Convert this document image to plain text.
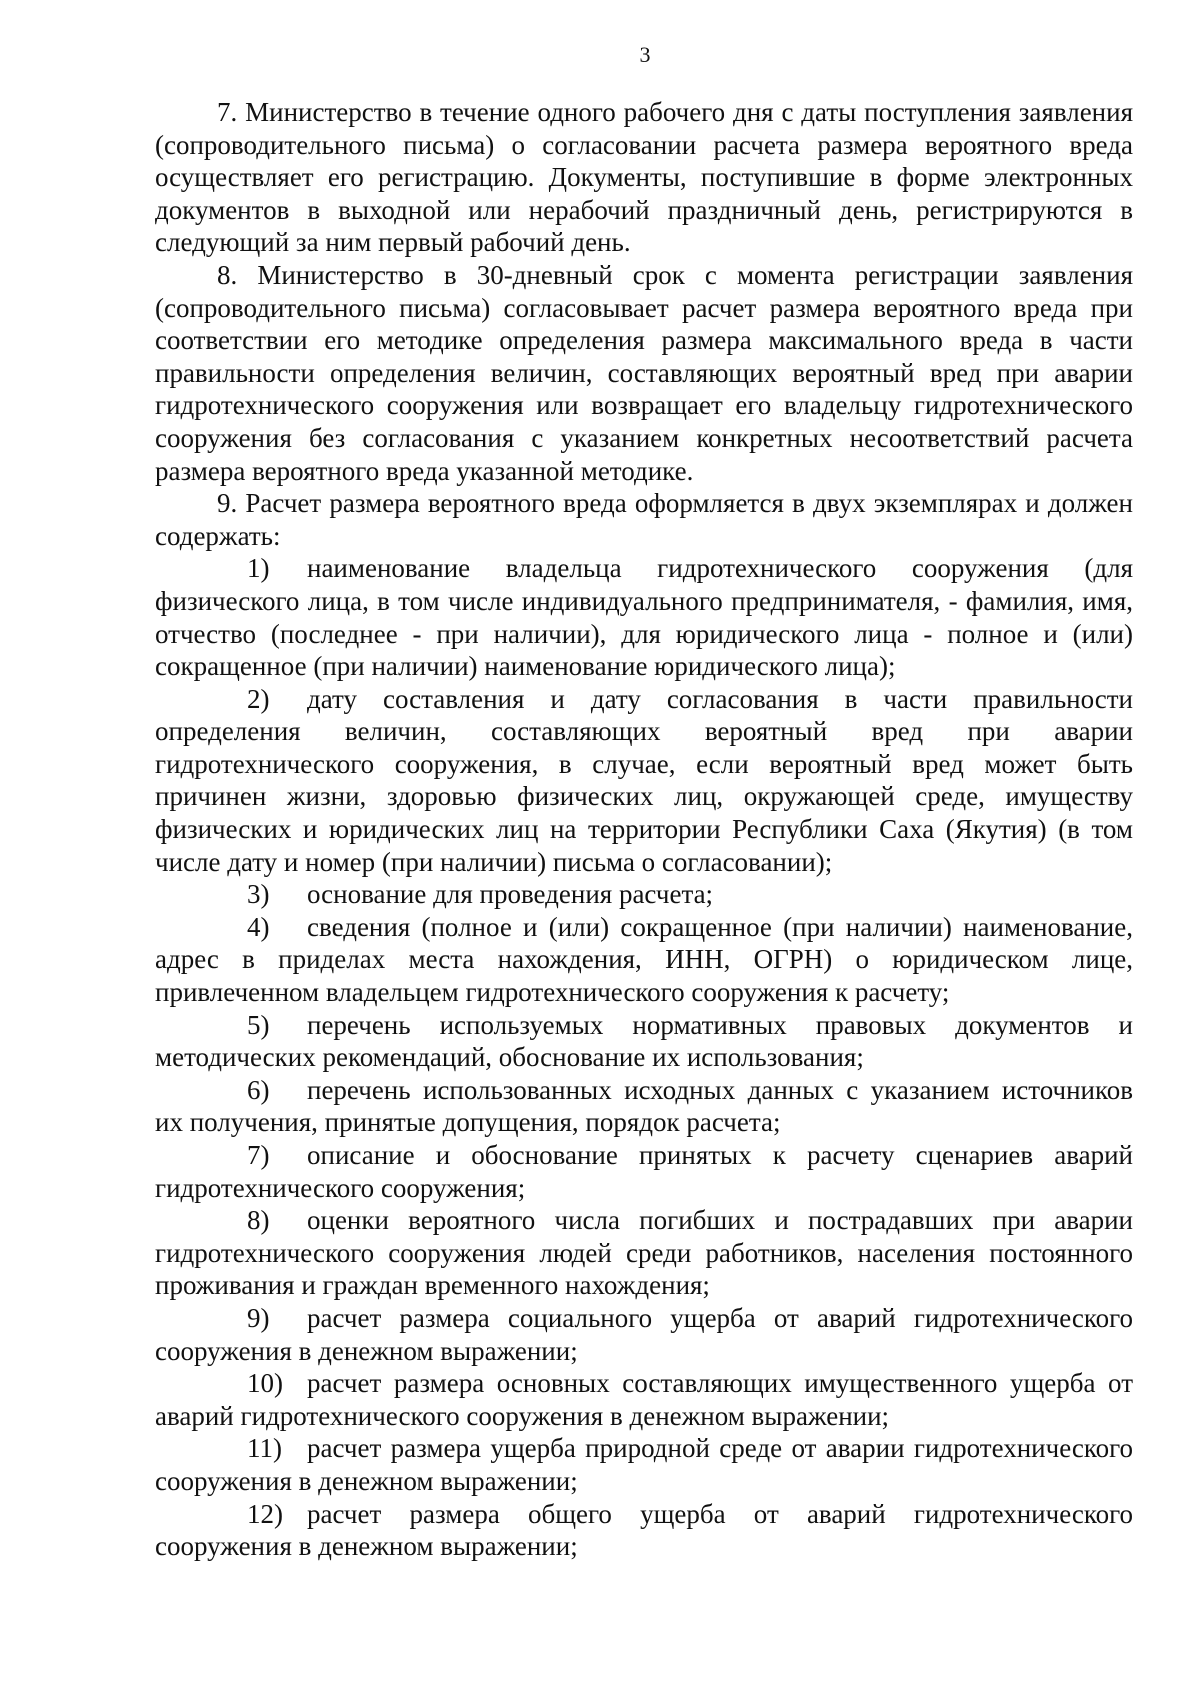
3

7. Министерство в течение одного рабочего дня с даты поступления заявления (сопроводительного письма) о согласовании расчета размера вероятного вреда осуществляет его регистрацию. Документы, поступившие в форме электронных документов в выходной или нерабочий праздничный день, регистрируются в следующий за ним первый рабочий день.

8. Министерство в 30-дневный срок с момента регистрации заявления (сопроводительного письма) согласовывает расчет размера вероятного вреда при соответствии его методике определения размера максимального вреда в части правильности определения величин, составляющих вероятный вред при аварии гидротехнического сооружения или возвращает его владельцу гидротехнического сооружения без согласования с указанием конкретных несоответствий расчета размера вероятного вреда указанной методике.

9. Расчет размера вероятного вреда оформляется в двух экземплярах и должен содержать:

1) наименование владельца гидротехнического сооружения (для физического лица, в том числе индивидуального предпринимателя, - фамилия, имя, отчество (последнее - при наличии), для юридического лица - полное и (или) сокращенное (при наличии) наименование юридического лица);

2) дату составления и дату согласования в части правильности определения величин, составляющих вероятный вред при аварии гидротехнического сооружения, в случае, если вероятный вред может быть причинен жизни, здоровью физических лиц, окружающей среде, имуществу физических и юридических лиц на территории Республики Саха (Якутия) (в том числе дату и номер (при наличии) письма о согласовании);

3) основание для проведения расчета;

4) сведения (полное и (или) сокращенное (при наличии) наименование, адрес в приделах места нахождения, ИНН, ОГРН) о юридическом лице, привлеченном владельцем гидротехнического сооружения к расчету;

5) перечень используемых нормативных правовых документов и методических рекомендаций, обоснование их использования;

6) перечень использованных исходных данных с указанием источников их получения, принятые допущения, порядок расчета;

7) описание и обоснование принятых к расчету сценариев аварий гидротехнического сооружения;

8) оценки вероятного числа погибших и пострадавших при аварии гидротехнического сооружения людей среди работников, населения постоянного проживания и граждан временного нахождения;

9) расчет размера социального ущерба от аварий гидротехнического сооружения в денежном выражении;

10) расчет размера основных составляющих имущественного ущерба от аварий гидротехнического сооружения в денежном выражении;

11) расчет размера ущерба природной среде от аварии гидротехнического сооружения в денежном выражении;

12) расчет размера общего ущерба от аварий гидротехнического сооружения в денежном выражении;
